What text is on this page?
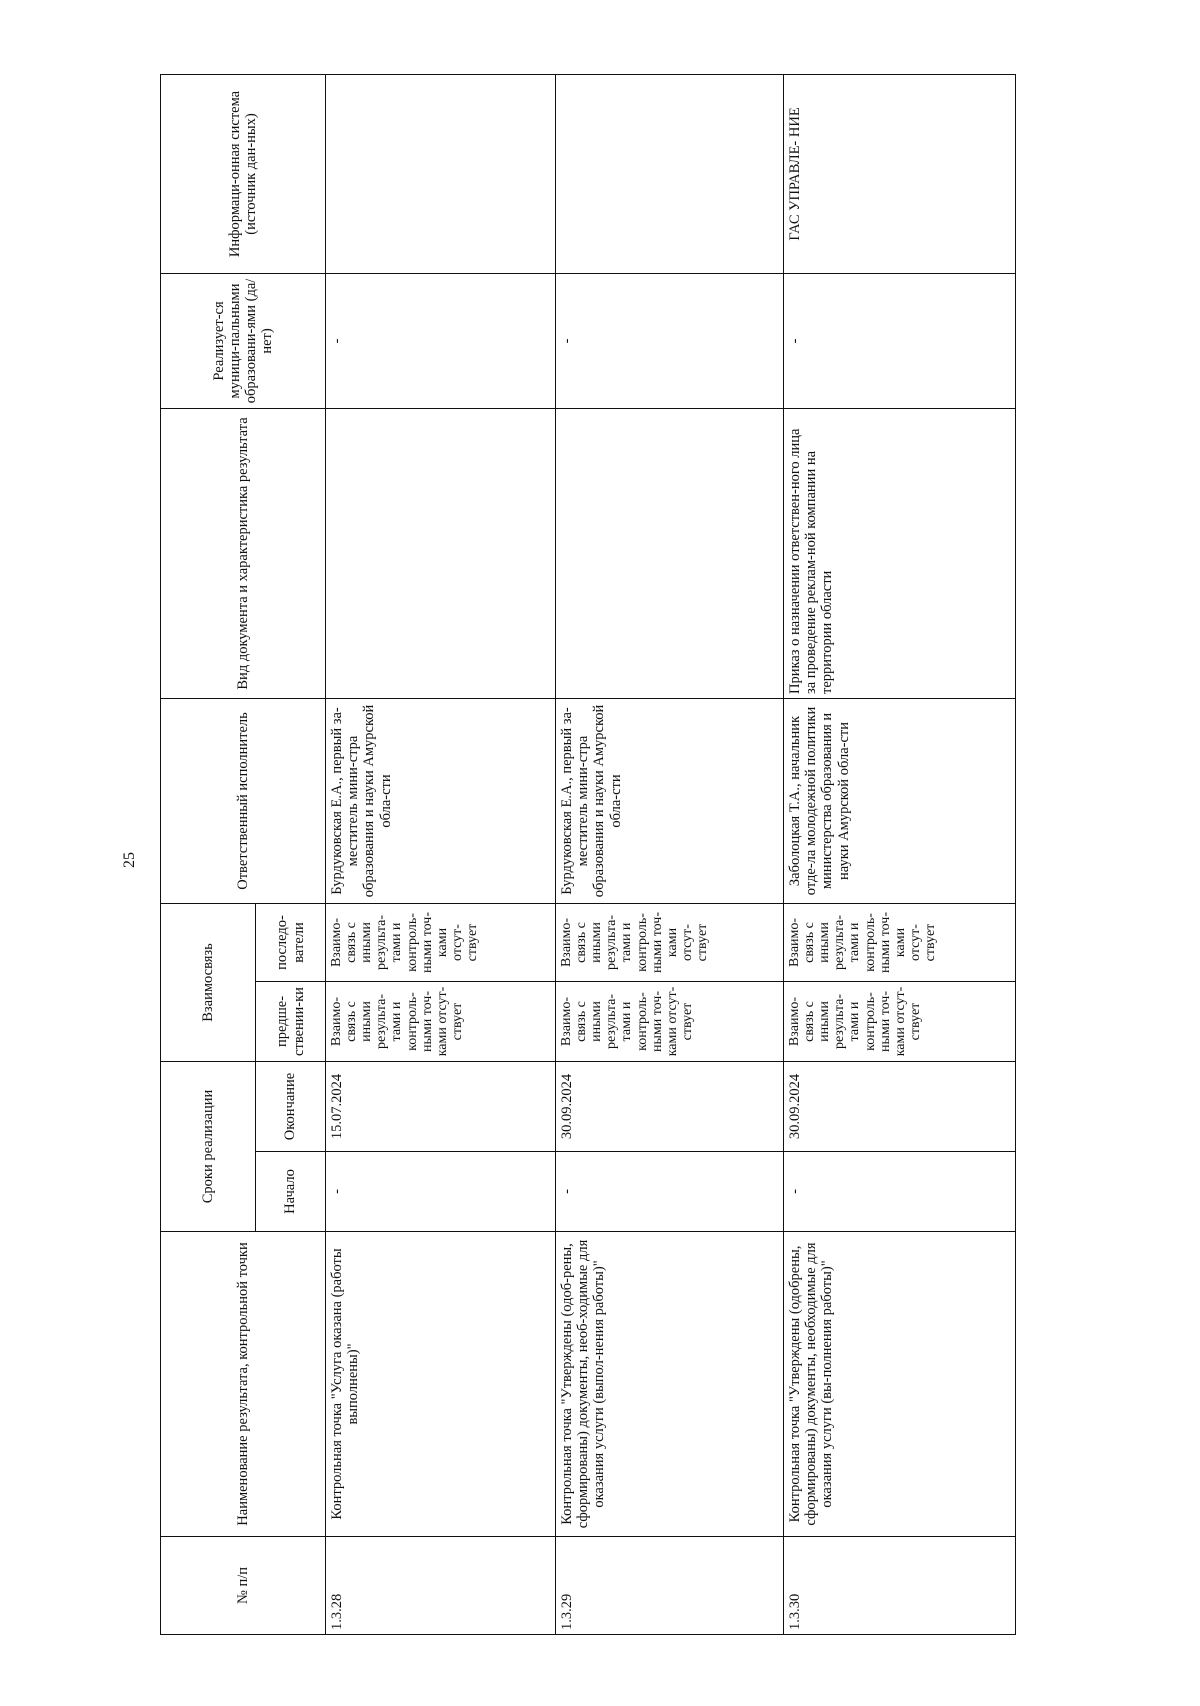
25
№ п/п	Наименование результата, контрольной точки	Сроки реализации		Взаимосвязь		Ответственный исполнитель	Вид документа и характеристика результата	Реализует-ся муници-пальными образовани-ями (да/нет)	Информаци-онная система (источник дан-ных)
		Начало	Окончание	предше-ствении-ки	последо-ватели				
1.3.28	Контрольная точка "Услуга оказана (работы выполнены)"	-	15.07.2024	Взаимо-связь с иными результа-тами и контроль-ными точ-ками отсут-ствует	Взаимо-связь с иными результа-тами и контроль-ными точ-ками отсут-ствует	Бурдуковская Е.А., первый за-меститель мини-стра образования и науки Амурской обла-сти		-	
1.3.29	Контрольная точка "Утверждены (одоб-рены, сформированы) документы, необ-ходимые для оказания услуги (выпол-нения работы)"	-	30.09.2024	Взаимо-связь с иными результа-тами и контроль-ными точ-ками отсут-ствует	Взаимо-связь с иными результа-тами и контроль-ными точ-ками отсут-ствует	Бурдуковская Е.А., первый за-меститель мини-стра образования и науки Амурской обла-сти		-	
1.3.30	Контрольная точка "Утверждены (одобрены, сформированы) документы, необходимые для оказания услуги (вы-полнения работы)"	-	30.09.2024	Взаимо-связь с иными результа-тами и контроль-ными точ-ками отсут-ствует	Взаимо-связь с иными результа-тами и контроль-ными точ-ками отсут-ствует	Заболоцкая Т.А., начальник отде-ла молодежной политики министерства образования и науки Амурской обла-сти	Приказ о назначении ответствен-ного лица за проведение реклам-ной компании на территории области	-	ГАС УПРАВЛЕ- НИЕ
